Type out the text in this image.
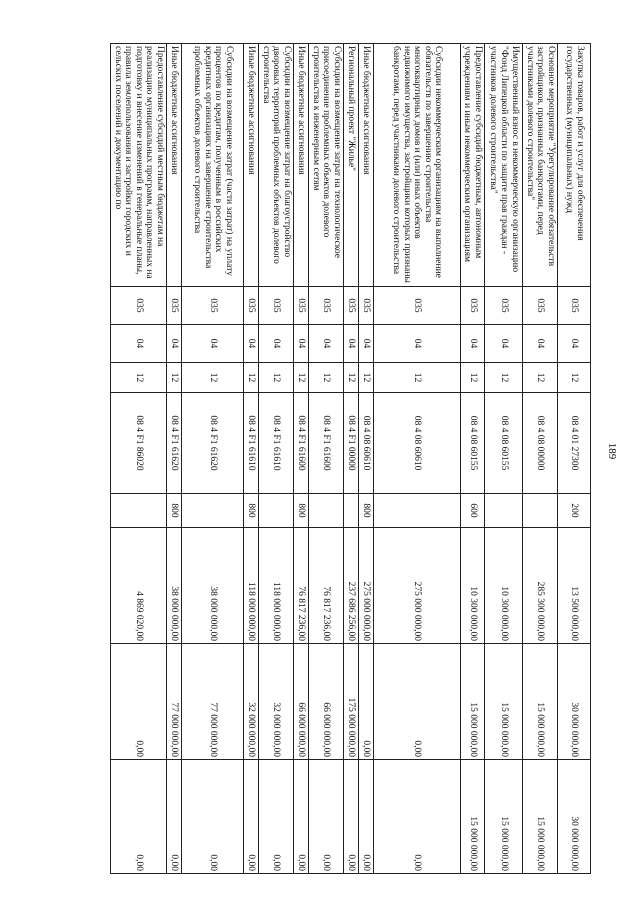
189
Закупка товаров, работ и услуг для обеспечения государственных (муниципальных) нужд	035	04	12	08 4 01 27300	200	13 500 000,00	30 000 000,00	30 000 000,00
Основное мероприятие "Урегулирование обязательств застройщиков, признанных банкротами, перед участниками долевого строительства"	035	04	12	08 4 08 00000		285 300 000,00	15 000 000,00	15 000 000,00
Имущественный взнос в некоммерческую организацию "Фонд Липецкой области по защите прав граждан - участников долевого строительства"	035	04	12	08 4 08 60155		10 300 000,00	15 000 000,00	15 000 000,00
Предоставление субсидий бюджетным, автономным учреждениям и иным некоммерческим организациям	035	04	12	08 4 08 60155	600	10 300 000,00	15 000 000,00	15 000 000,00
Субсидии некоммерческим организациям на выполнение обязательств по завершению строительства многоквартирных домов и (или) иных объектов недвижимого имущества, застройщики которых признаны банкротами, перед участниками долевого строительства	035	04	12	08 4 08 60610		275 000 000,00	0,00	0,00
Иные бюджетные ассигнования	035	04	12	08 4 08 60610	800	275 000 000,00	0,00	0,00
Региональный проект "Жилье"	035	04	12	08 4 F1 00000		237 686 256,00	175 000 000,00	0,00
Субсидии на возмещение затрат на технологическое присоединение проблемных объектов долевого строительства к инженерным сетям	035	04	12	08 4 F1 61600		76 817 236,00	66 000 000,00	0,00
Иные бюджетные ассигнования	035	04	12	08 4 F1 61600	800	76 817 236,00	66 000 000,00	0,00
Субсидии на возмещение затрат на благоустройство дворовых территорий проблемных объектов долевого строительства	035	04	12	08 4 F1 61610		118 000 000,00	32 000 000,00	0,00
Иные бюджетные ассигнования	035	04	12	08 4 F1 61610	800	118 000 000,00	32 000 000,00	0,00
Субсидии на возмещение затрат (части затрат) на уплату процентов по кредитам, полученным в российских кредитных организациях на завершение строительства проблемных объектов долевого строительства	035	04	12	08 4 F1 61620		38 000 000,00	77 000 000,00	0,00
Иные бюджетные ассигнования	035	04	12	08 4 F1 61620	800	38 000 000,00	77 000 000,00	0,00
Предоставление субсидий местным бюджетам на реализацию муниципальных программ, направленных на подготовку и внесение изменений в генеральные планы, правила землепользования и застройки городских и сельских поселений и документацию по	035	04	12	08 4 F1 86020		4 869 020,00	0,00	0,00
